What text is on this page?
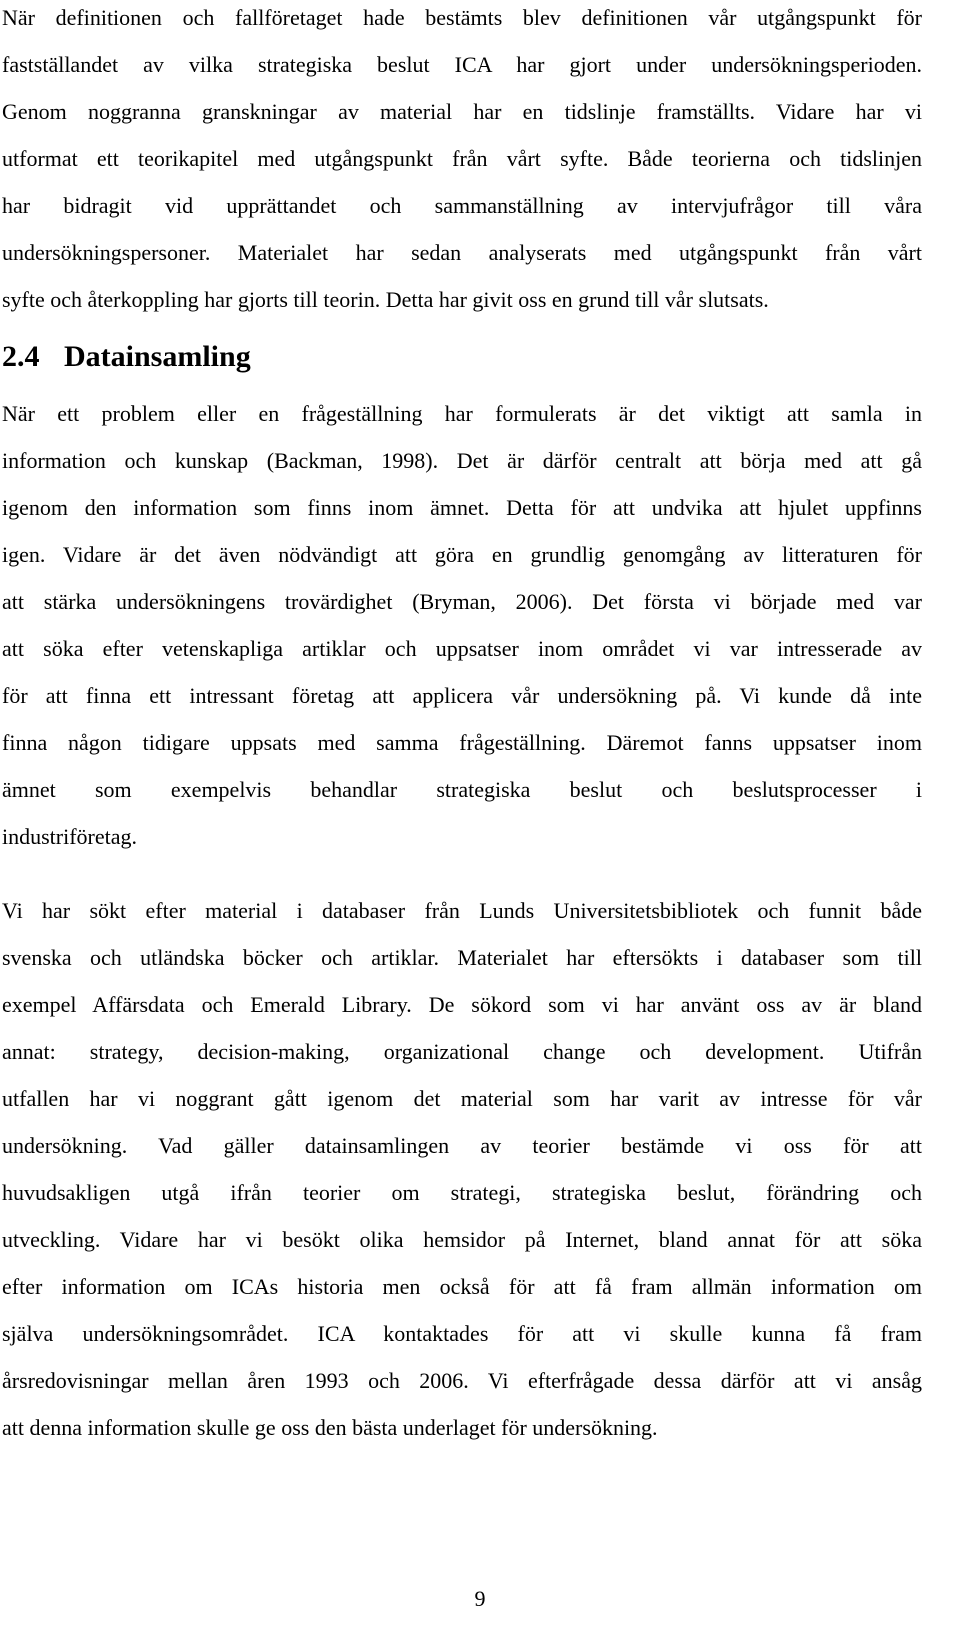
När definitionen och fallföretaget hade bestämts blev definitionen vår utgångspunkt för
fastställandet av vilka strategiska beslut ICA har gjort under undersökningsperioden.
Genom noggranna granskningar av material har en tidslinje framställts. Vidare har vi
utformat ett teorikapitel med utgångspunkt från vårt syfte. Både teorierna och tidslinjen
har bidragit vid upprättandet och sammanställning av intervjufrågor till våra
undersökningspersoner. Materialet har sedan analyserats med utgångspunkt från vårt
syfte och återkoppling har gjorts till teorin. Detta har givit oss en grund till vår slutsats.
2.4 Datainsamling
När ett problem eller en frågeställning har formulerats är det viktigt att samla in
information och kunskap (Backman, 1998). Det är därför centralt att börja med att gå
igenom den information som finns inom ämnet. Detta för att undvika att hjulet uppfinns
igen. Vidare är det även nödvändigt att göra en grundlig genomgång av litteraturen för
att stärka undersökningens trovärdighet (Bryman, 2006). Det första vi började med var
att söka efter vetenskapliga artiklar och uppsatser inom området vi var intresserade av
för att finna ett intressant företag att applicera vår undersökning på. Vi kunde då inte
finna någon tidigare uppsats med samma frågeställning. Däremot fanns uppsatser inom
ämnet som exempelvis behandlar strategiska beslut och beslutsprocesser i
industriföretag.
Vi har sökt efter material i databaser från Lunds Universitetsbibliotek och funnit både
svenska och utländska böcker och artiklar. Materialet har eftersökts i databaser som till
exempel Affärsdata och Emerald Library. De sökord som vi har använt oss av är bland
annat: strategy, decision-making, organizational change och development. Utifrån
utfallen har vi noggrant gått igenom det material som har varit av intresse för vår
undersökning. Vad gäller datainsamlingen av teorier bestämde vi oss för att
huvudsakligen utgå ifrån teorier om strategi, strategiska beslut, förändring och
utveckling. Vidare har vi besökt olika hemsidor på Internet, bland annat för att söka
efter information om ICAs historia men också för att få fram allmän information om
själva undersökningsområdet. ICA kontaktades för att vi skulle kunna få fram
årsredovisningar mellan åren 1993 och 2006. Vi efterfrågade dessa därför att vi ansåg
att denna information skulle ge oss den bästa underlaget för undersökning.
9
